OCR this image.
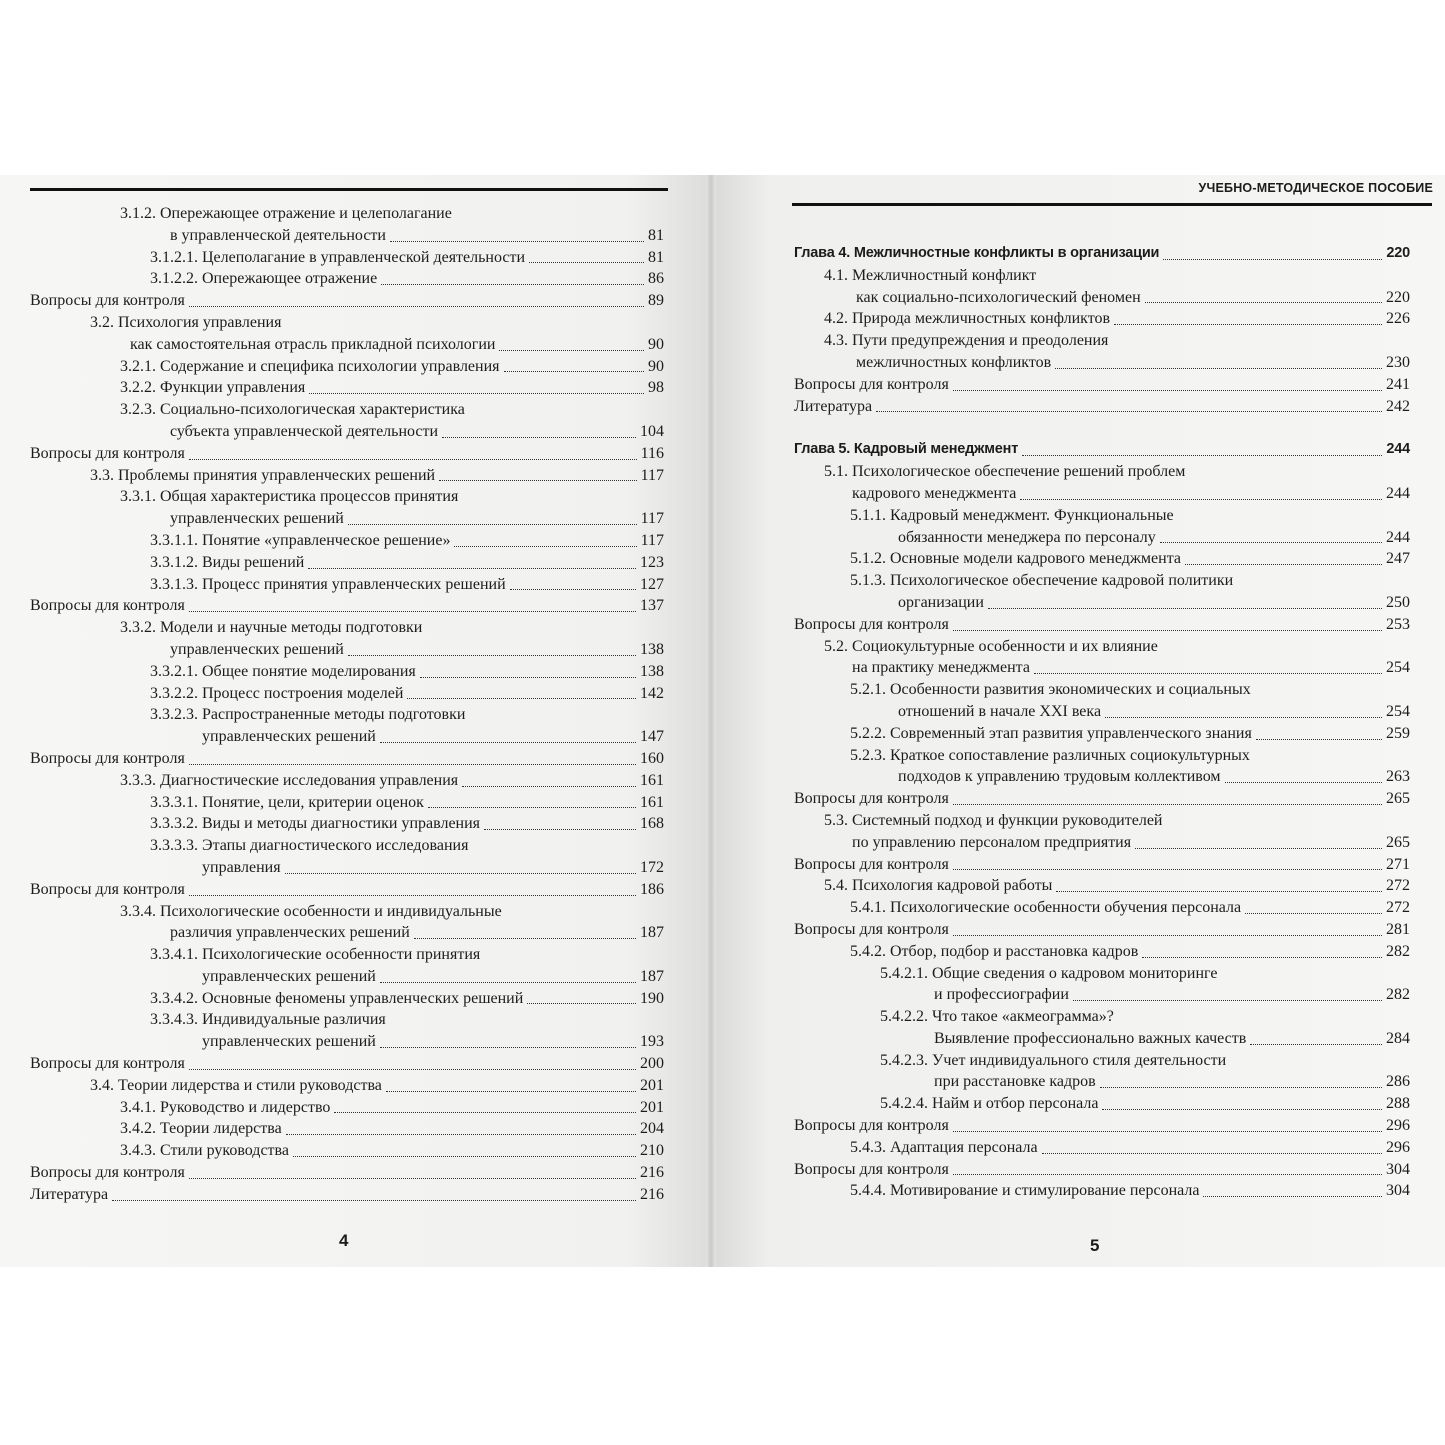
3.1.2. Опережающее отражение и целеполагание
в управленческой деятельности	81
3.1.2.1. Целеполагание в управленческой деятельности	81
3.1.2.2. Опережающее отражение	86
Вопросы для контроля	89
3.2. Психология управления
как самостоятельная отрасль прикладной психологии	90
3.2.1. Содержание и специфика психологии управления	90
3.2.2. Функции управления	98
3.2.3. Социально-психологическая характеристика
субъекта управленческой деятельности	104
Вопросы для контроля	116
3.3. Проблемы принятия управленческих решений	117
3.3.1. Общая характеристика процессов принятия
управленческих решений	117
3.3.1.1. Понятие «управленческое решение»	117
3.3.1.2. Виды решений	123
3.3.1.3. Процесс принятия управленческих решений	127
Вопросы для контроля	137
3.3.2. Модели и научные методы подготовки
управленческих решений	138
3.3.2.1. Общее понятие моделирования	138
3.3.2.2. Процесс построения моделей	142
3.3.2.3. Распространенные методы подготовки
управленческих решений	147
Вопросы для контроля	160
3.3.3. Диагностические исследования управления	161
3.3.3.1. Понятие, цели, критерии оценок	161
3.3.3.2. Виды и методы диагностики управления	168
3.3.3.3. Этапы диагностического исследования
управления	172
Вопросы для контроля	186
3.3.4. Психологические особенности и индивидуальные
различия управленческих решений	187
3.3.4.1. Психологические особенности принятия
управленческих решений	187
3.3.4.2. Основные феномены управленческих решений	190
3.3.4.3. Индивидуальные различия
управленческих решений	193
Вопросы для контроля	200
3.4. Теории лидерства и стили руководства	201
3.4.1. Руководство и лидерство	201
3.4.2. Теории лидерства	204
3.4.3. Стили руководства	210
Вопросы для контроля	216
Литература	216
4
УЧЕБНО-МЕТОДИЧЕСКОЕ ПОСОБИЕ
Глава 4. Межличностные конфликты в организации	220
4.1. Межличностный конфликт
как социально-психологический феномен	220
4.2. Природа межличностных конфликтов	226
4.3. Пути предупреждения и преодоления
межличностных конфликтов	230
Вопросы для контроля	241
Литература	242
Глава 5. Кадровый менеджмент	244
5.1. Психологическое обеспечение решений проблем
кадрового менеджмента	244
5.1.1. Кадровый менеджмент. Функциональные
обязанности менеджера по персоналу	244
5.1.2. Основные модели кадрового менеджмента	247
5.1.3. Психологическое обеспечение кадровой политики
организации	250
Вопросы для контроля	253
5.2. Социокультурные особенности и их влияние
на практику менеджмента	254
5.2.1. Особенности развития экономических и социальных
отношений в начале XXI века	254
5.2.2. Современный этап развития управленческого знания	259
5.2.3. Краткое сопоставление различных социокультурных
подходов к управлению трудовым коллективом	263
Вопросы для контроля	265
5.3. Системный подход и функции руководителей
по управлению персоналом предприятия	265
Вопросы для контроля	271
5.4. Психология кадровой работы	272
5.4.1. Психологические особенности обучения персонала	272
Вопросы для контроля	281
5.4.2. Отбор, подбор и расстановка кадров	282
5.4.2.1. Общие сведения о кадровом мониторинге
и профессиографии	282
5.4.2.2. Что такое «акмеограмма»?
Выявление профессионально важных качеств	284
5.4.2.3. Учет индивидуального стиля деятельности
при расстановке кадров	286
5.4.2.4. Найм и отбор персонала	288
Вопросы для контроля	296
5.4.3. Адаптация персонала	296
Вопросы для контроля	304
5.4.4. Мотивирование и стимулирование персонала	304
5
